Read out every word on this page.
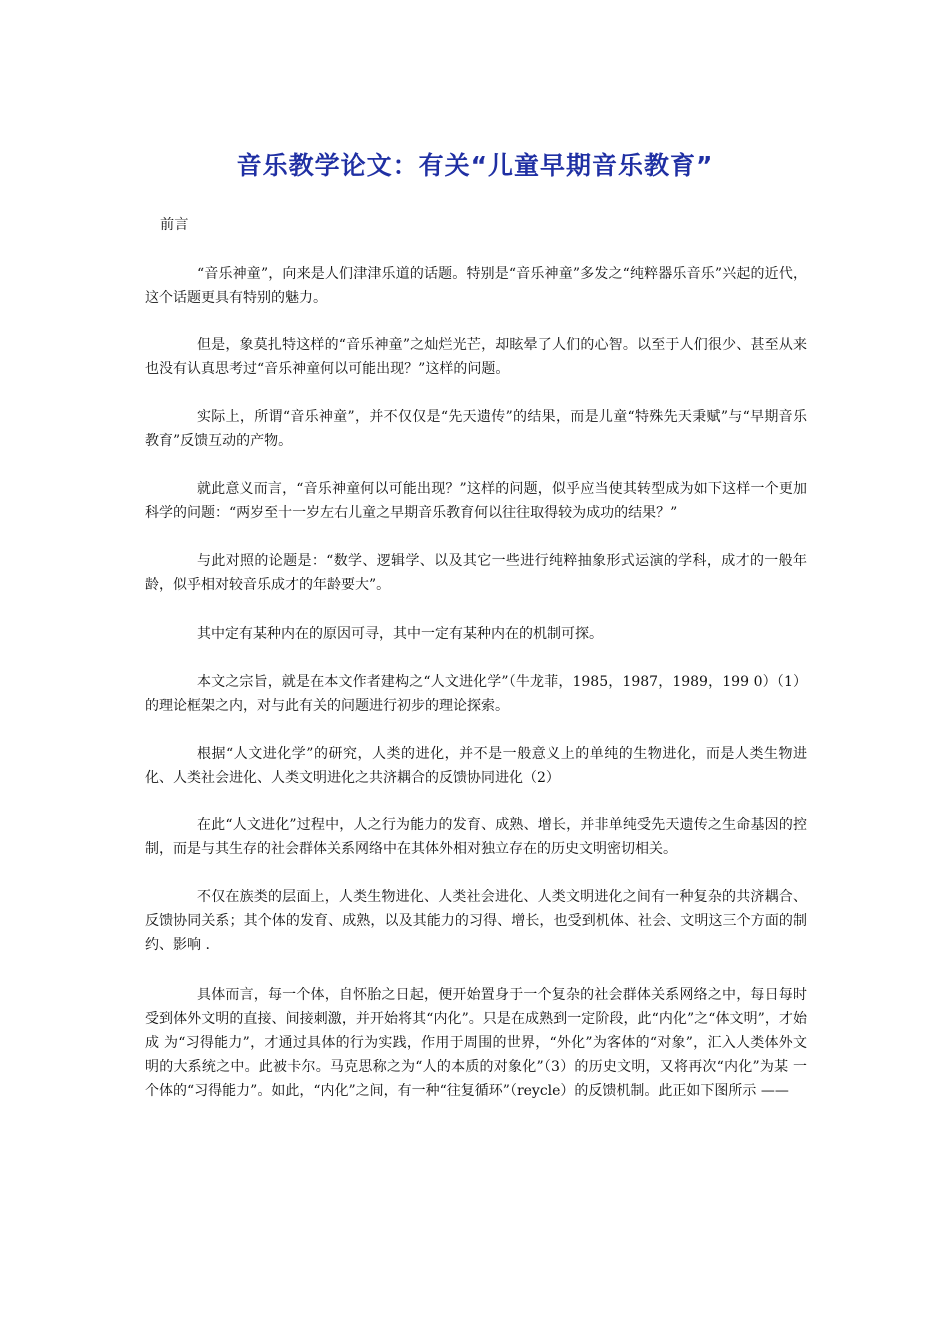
音乐教学论文：有关“儿童早期音乐教育”
前言

“音乐神童”，向来是人们津津乐道的话题。特别是“音乐神童”多发之“纯粹器乐音乐”兴起的近代，这个话题更具有特别的魅力。

但是，象莫扎特这样的“音乐神童”之灿烂光芒，却眩晕了人们的心智。以至于人们很少、甚至从来也没有认真思考过“音乐神童何以可能出现？”这样的问题。

实际上，所谓“音乐神童”，并不仅仅是“先天遗传”的结果，而是儿童“特殊先天秉赋”与“早期音乐教育”反馈互动的产物。

就此意义而言，“音乐神童何以可能出现？”这样的问题，似乎应当使其转型成为如下这样一个更加科学的问题：“两岁至十一岁左右儿童之早期音乐教育何以往往取得较为成功的结果？”

与此对照的论题是：“数学、逻辑学、以及其它一些进行纯粹抽象形式运演的学科，成才的一般年龄，似乎相对较音乐成才的年龄要大”。

其中定有某种内在的原因可寻，其中一定有某种内在的机制可探。

本文之宗旨，就是在本文作者建构之“人文进化学”（牛龙菲，1985，1987，1989，199 0）（1）的理论框架之内，对与此有关的问题进行初步的理论探索。

根据“人文进化学”的研究，人类的进化，并不是一般意义上的单纯的生物进化，而是人类生物进化、人类社会进化、人类文明进化之共济耦合的反馈协同进化（2）

在此“人文进化”过程中，人之行为能力的发育、成熟、增长，并非单纯受先天遗传之生命基因的控制，而是与其生存的社会群体关系网络中在其体外相对独立存在的历史文明密切相关。

不仅在族类的层面上，人类生物进化、人类社会进化、人类文明进化之间有一种复杂的共济耦合、反馈协同关系；其个体的发育、成熟，以及其能力的习得、增长，也受到机体、社会、文明这三个方面的制约、影响 .

具体而言，每一个体，自怀胎之日起，便开始置身于一个复杂的社会群体关系网络之中，每日每时受到体外文明的直接、间接刺激，并开始将其“内化”。只是在成熟到一定阶段，此“内化”之“体文明”，才始成 为“习得能力”，才通过具体的行为实践，作用于周围的世界，“外化”为客体的“对象”，汇入人类体外文 明的大系统之中。此被卡尔。马克思称之为“人的本质的对象化”（3）的历史文明，又将再次“内化”为某 一个体的“习得能力”。如此，“内化”之间，有一种“往复循环”（reycle）的反馈机制。此正如下图所示 ——
